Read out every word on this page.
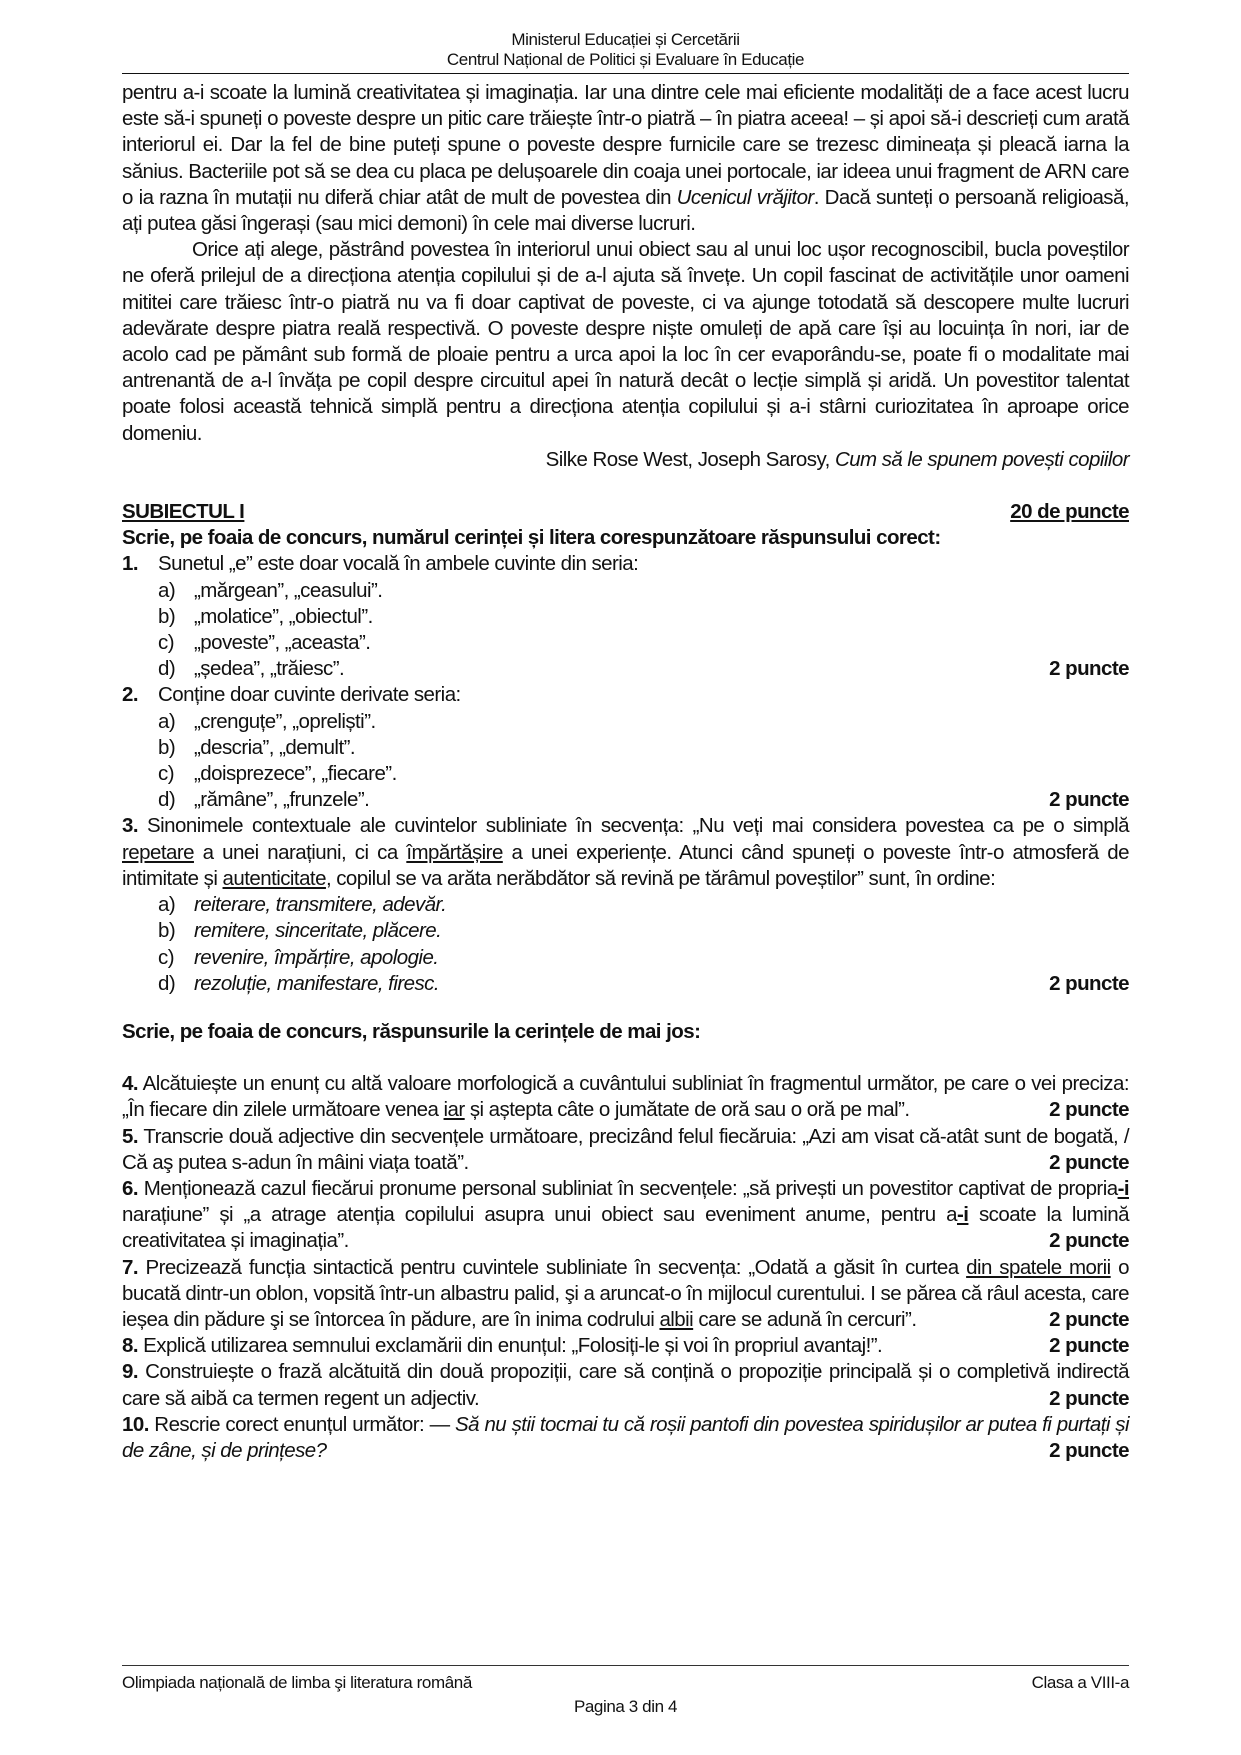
Ministerul Educației și Cercetării
Centrul Național de Politici și Evaluare în Educație

pentru a-i scoate la lumină creativitatea și imaginația. Iar una dintre cele mai eficiente modalități de a face acest lucru este să-i spuneți o poveste despre un pitic care trăiește într-o piatră – în piatra aceea! – și apoi să-i descrieți cum arată interiorul ei. Dar la fel de bine puteți spune o poveste despre furnicile care se trezesc dimineața și pleacă iarna la sănius. Bacteriile pot să se dea cu placa pe delușoarele din coaja unei portocale, iar ideea unui fragment de ARN care o ia razna în mutații nu diferă chiar atât de mult de povestea din Ucenicul vrăjitor. Dacă sunteți o persoană religioasă, ați putea găsi îngerași (sau mici demoni) în cele mai diverse lucruri.

Orice ați alege, păstrând povestea în interiorul unui obiect sau al unui loc ușor recognoscibil, bucla poveștilor ne oferă prilejul de a direcționa atenția copilului și de a-l ajuta să învețe. Un copil fascinat de activitățile unor oameni mititei care trăiesc într-o piatră nu va fi doar captivat de poveste, ci va ajunge totodată să descopere multe lucruri adevărate despre piatra reală respectivă. O poveste despre niște omuleți de apă care își au locuința în nori, iar de acolo cad pe pământ sub formă de ploaie pentru a urca apoi la loc în cer evaporându-se, poate fi o modalitate mai antrenantă de a-l învăța pe copil despre circuitul apei în natură decât o lecție simplă și aridă. Un povestitor talentat poate folosi această tehnică simplă pentru a direcționa atenția copilului și a-i stârni curiozitatea în aproape orice domeniu.

Silke Rose West, Joseph Sarosy, Cum să le spunem povești copiilor

SUBIECTUL I	20 de puncte
Scrie, pe foaia de concurs, numărul cerinței și litera corespunzătoare răspunsului corect:
1. Sunetul „e” este doar vocală în ambele cuvinte din seria:
a) „mărgean”, „ceasului”.
b) „molatice”, „obiectul”.
c) „poveste”, „aceasta”.
d) „ședea”, „trăiesc”.	2 puncte
2. Conține doar cuvinte derivate seria:
a) „crenguțe”, „opreliști”.
b) „descria”, „demult”.
c) „doisprezece”, „fiecare”.
d) „rămâne”, „frunzele”.	2 puncte

3. Sinonimele contextuale ale cuvintelor subliniate în secvența: „Nu veți mai considera povestea ca pe o simplă repetare a unei narațiuni, ci ca împărtășire a unei experiențe. Atunci când spuneți o poveste într-o atmosferă de intimitate și autenticitate, copilul se va arăta nerăbdător să revină pe tărâmul poveștilor” sunt, în ordine:

a) reiterare, transmitere, adevăr.
b) remitere, sinceritate, plăcere.
c) revenire, împărțire, apologie.
d) rezoluție, manifestare, firesc.	2 puncte
Scrie, pe foaia de concurs, răspunsurile la cerințele de mai jos:

4. Alcătuiește un enunț cu altă valoare morfologică a cuvântului subliniat în fragmentul următor, pe care o vei preciza: „În fiecare din zilele următoare venea iar și aștepta câte o jumătate de oră sau o oră pe mal”.	2 puncte

5. Transcrie două adjective din secvențele următoare, precizând felul fiecăruia: „Azi am visat că-atât sunt de bogată, / Că aş putea s-adun în mâini viața toată”.	2 puncte

6. Menționează cazul fiecărui pronume personal subliniat în secvențele: „să privești un povestitor captivat de propria-i narațiune” și „a atrage atenția copilului asupra unui obiect sau eveniment anume, pentru a-i scoate la lumină creativitatea și imaginația”.	2 puncte

7. Precizează funcția sintactică pentru cuvintele subliniate în secvența: „Odată a găsit în curtea din spatele morii o bucată dintr-un oblon, vopsită într-un albastru palid, şi a aruncat-o în mijlocul curentului. I se părea că râul acesta, care ieșea din pădure şi se întorcea în pădure, are în inima codrului albii care se adună în cercuri”.	2 puncte

8. Explică utilizarea semnului exclamării din enunțul: „Folosiți-le și voi în propriul avantaj!”.	2 puncte

9. Construiește o frază alcătuită din două propoziții, care să conțină o propoziție principală și o completivă indirectă care să aibă ca termen regent un adjectiv.	2 puncte

10. Rescrie corect enunțul următor: — Să nu știi tocmai tu că roșii pantofi din povestea spiridușilor ar putea fi purtați și de zâne, și de prințese?	2 puncte

Olimpiada națională de limba şi literatura română	Clasa a VIII-a
Pagina 3 din 4
